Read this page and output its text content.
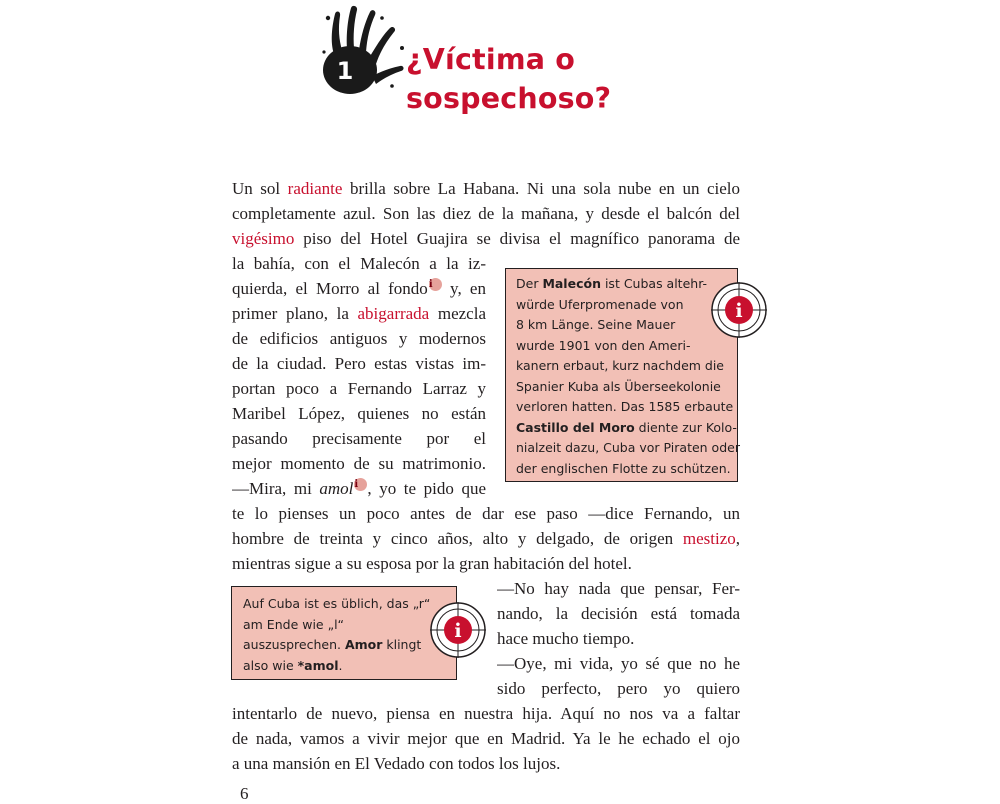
1 ¿Víctima o
sospechoso?
Un sol radiante brilla sobre La Habana. Ni una sola nube en un cielo
completamente azul. Son las diez de la mañana, y desde el balcón del
vigésimo piso del Hotel Guajira se divisa el magnífico panorama de
la bahía, con el Malecón a la iz-
quierda, el Morro al fondoi y, en
primer plano, la abigarrada mezcla
de edificios antiguos y modernos
de la ciudad. Pero estas vistas im-
portan poco a Fernando Larraz y
Maribel López, quienes no están
pasando precisamente por el
mejor momento de su matrimonio.
—Mira, mi amoli , yo te pido que
te lo pienses un poco antes de dar ese paso —dice Fernando, un
hombre de treinta y cinco años, alto y delgado, de origen mestizo,
mientras sigue a su esposa por la gran habitación del hotel.
—No hay nada que pensar, Fer-
nando, la decisión está tomada
hace mucho tiempo.
—Oye, mi vida, yo sé que no he
sido perfecto, pero yo quiero
intentarlo de nuevo, piensa en nuestra hija. Aquí no nos va a faltar
de nada, vamos a vivir mejor que en Madrid. Ya le he echado el ojo
a una mansión en El Vedado con todos los lujos.
Der Malecón ist Cubas altehr-
würde Uferpromenade von
8 km Länge. Seine Mauer
wurde 1901 von den Ameri-
kanern erbaut, kurz nachdem die
Spanier Kuba als Überseekolonie
verloren hatten. Das 1585 erbaute
Castillo del Moro diente zur Kolo-
nialzeit dazu, Cuba vor Piraten oder
der englischen Flotte zu schützen.
i
Auf Cuba ist es üblich, das „r“
am Ende wie „l“
auszusprechen. Amor klingt
also wie *amol.
i
6
